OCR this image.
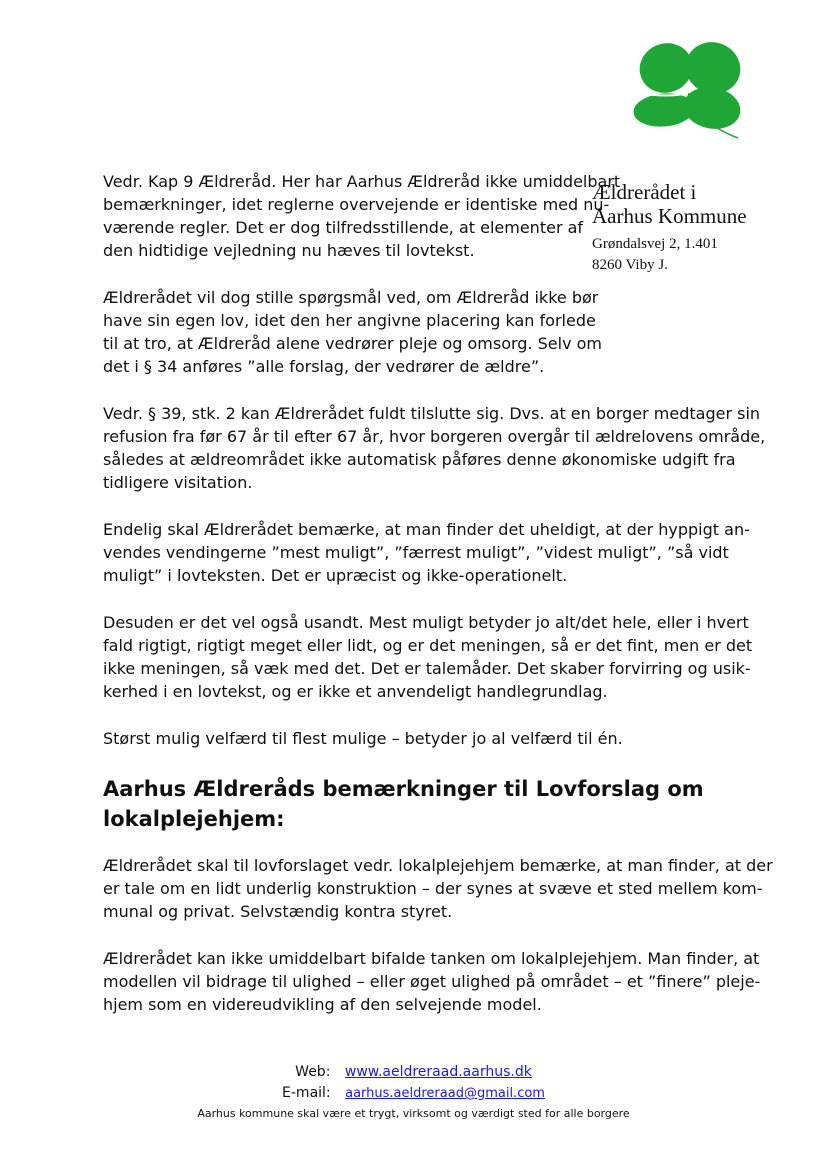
Ældrerådet i
Aarhus Kommune
Grøndalsvej 2, 1.401
8260 Viby J.
Vedr. Kap 9 Ældreråd. Her har Aarhus Ældreråd ikke umiddelbart
bemærkninger, idet reglerne overvejende er identiske med nu-
værende regler. Det er dog tilfredsstillende, at elementer af
den hidtidige vejledning nu hæves til lovtekst.
Ældrerådet vil dog stille spørgsmål ved, om Ældreråd ikke bør
have sin egen lov, idet den her angivne placering kan forlede
til at tro, at Ældreråd alene vedrører pleje og omsorg. Selv om
det i § 34 anføres ”alle forslag, der vedrører de ældre”.
Vedr. § 39, stk. 2 kan Ældrerådet fuldt tilslutte sig. Dvs. at en borger medtager sin
refusion fra før 67 år til efter 67 år, hvor borgeren overgår til ældrelovens område,
således at ældreområdet ikke automatisk påføres denne økonomiske udgift fra
tidligere visitation.
Endelig skal Ældrerådet bemærke, at man finder det uheldigt, at der hyppigt an-
vendes vendingerne ”mest muligt”, ”færrest muligt”, ”videst muligt”, ”så vidt
muligt” i lovteksten. Det er upræcist og ikke-operationelt.
Desuden er det vel også usandt. Mest muligt betyder jo alt/det hele, eller i hvert
fald rigtigt, rigtigt meget eller lidt, og er det meningen, så er det fint, men er det
ikke meningen, så væk med det. Det er talemåder. Det skaber forvirring og usik-
kerhed i en lovtekst, og er ikke et anvendeligt handlegrundlag.
Størst mulig velfærd til flest mulige – betyder jo al velfærd til én.
Aarhus Ældreråds bemærkninger til Lovforslag om
lokalplejehjem:
Ældrerådet skal til lovforslaget vedr. lokalplejehjem bemærke, at man finder, at der
er tale om en lidt underlig konstruktion – der synes at svæve et sted mellem kom-
munal og privat. Selvstændig kontra styret.
Ældrerådet kan ikke umiddelbart bifalde tanken om lokalplejehjem. Man finder, at
modellen vil bidrage til ulighed – eller øget ulighed på området – et ”finere” pleje-
hjem som en videreudvikling af den selvejende model.
Web: www.aeldreraad.aarhus.dk
E-mail: aarhus.aeldreraad@gmail.com
Aarhus kommune skal være et trygt, virksomt og værdigt sted for alle borgere
